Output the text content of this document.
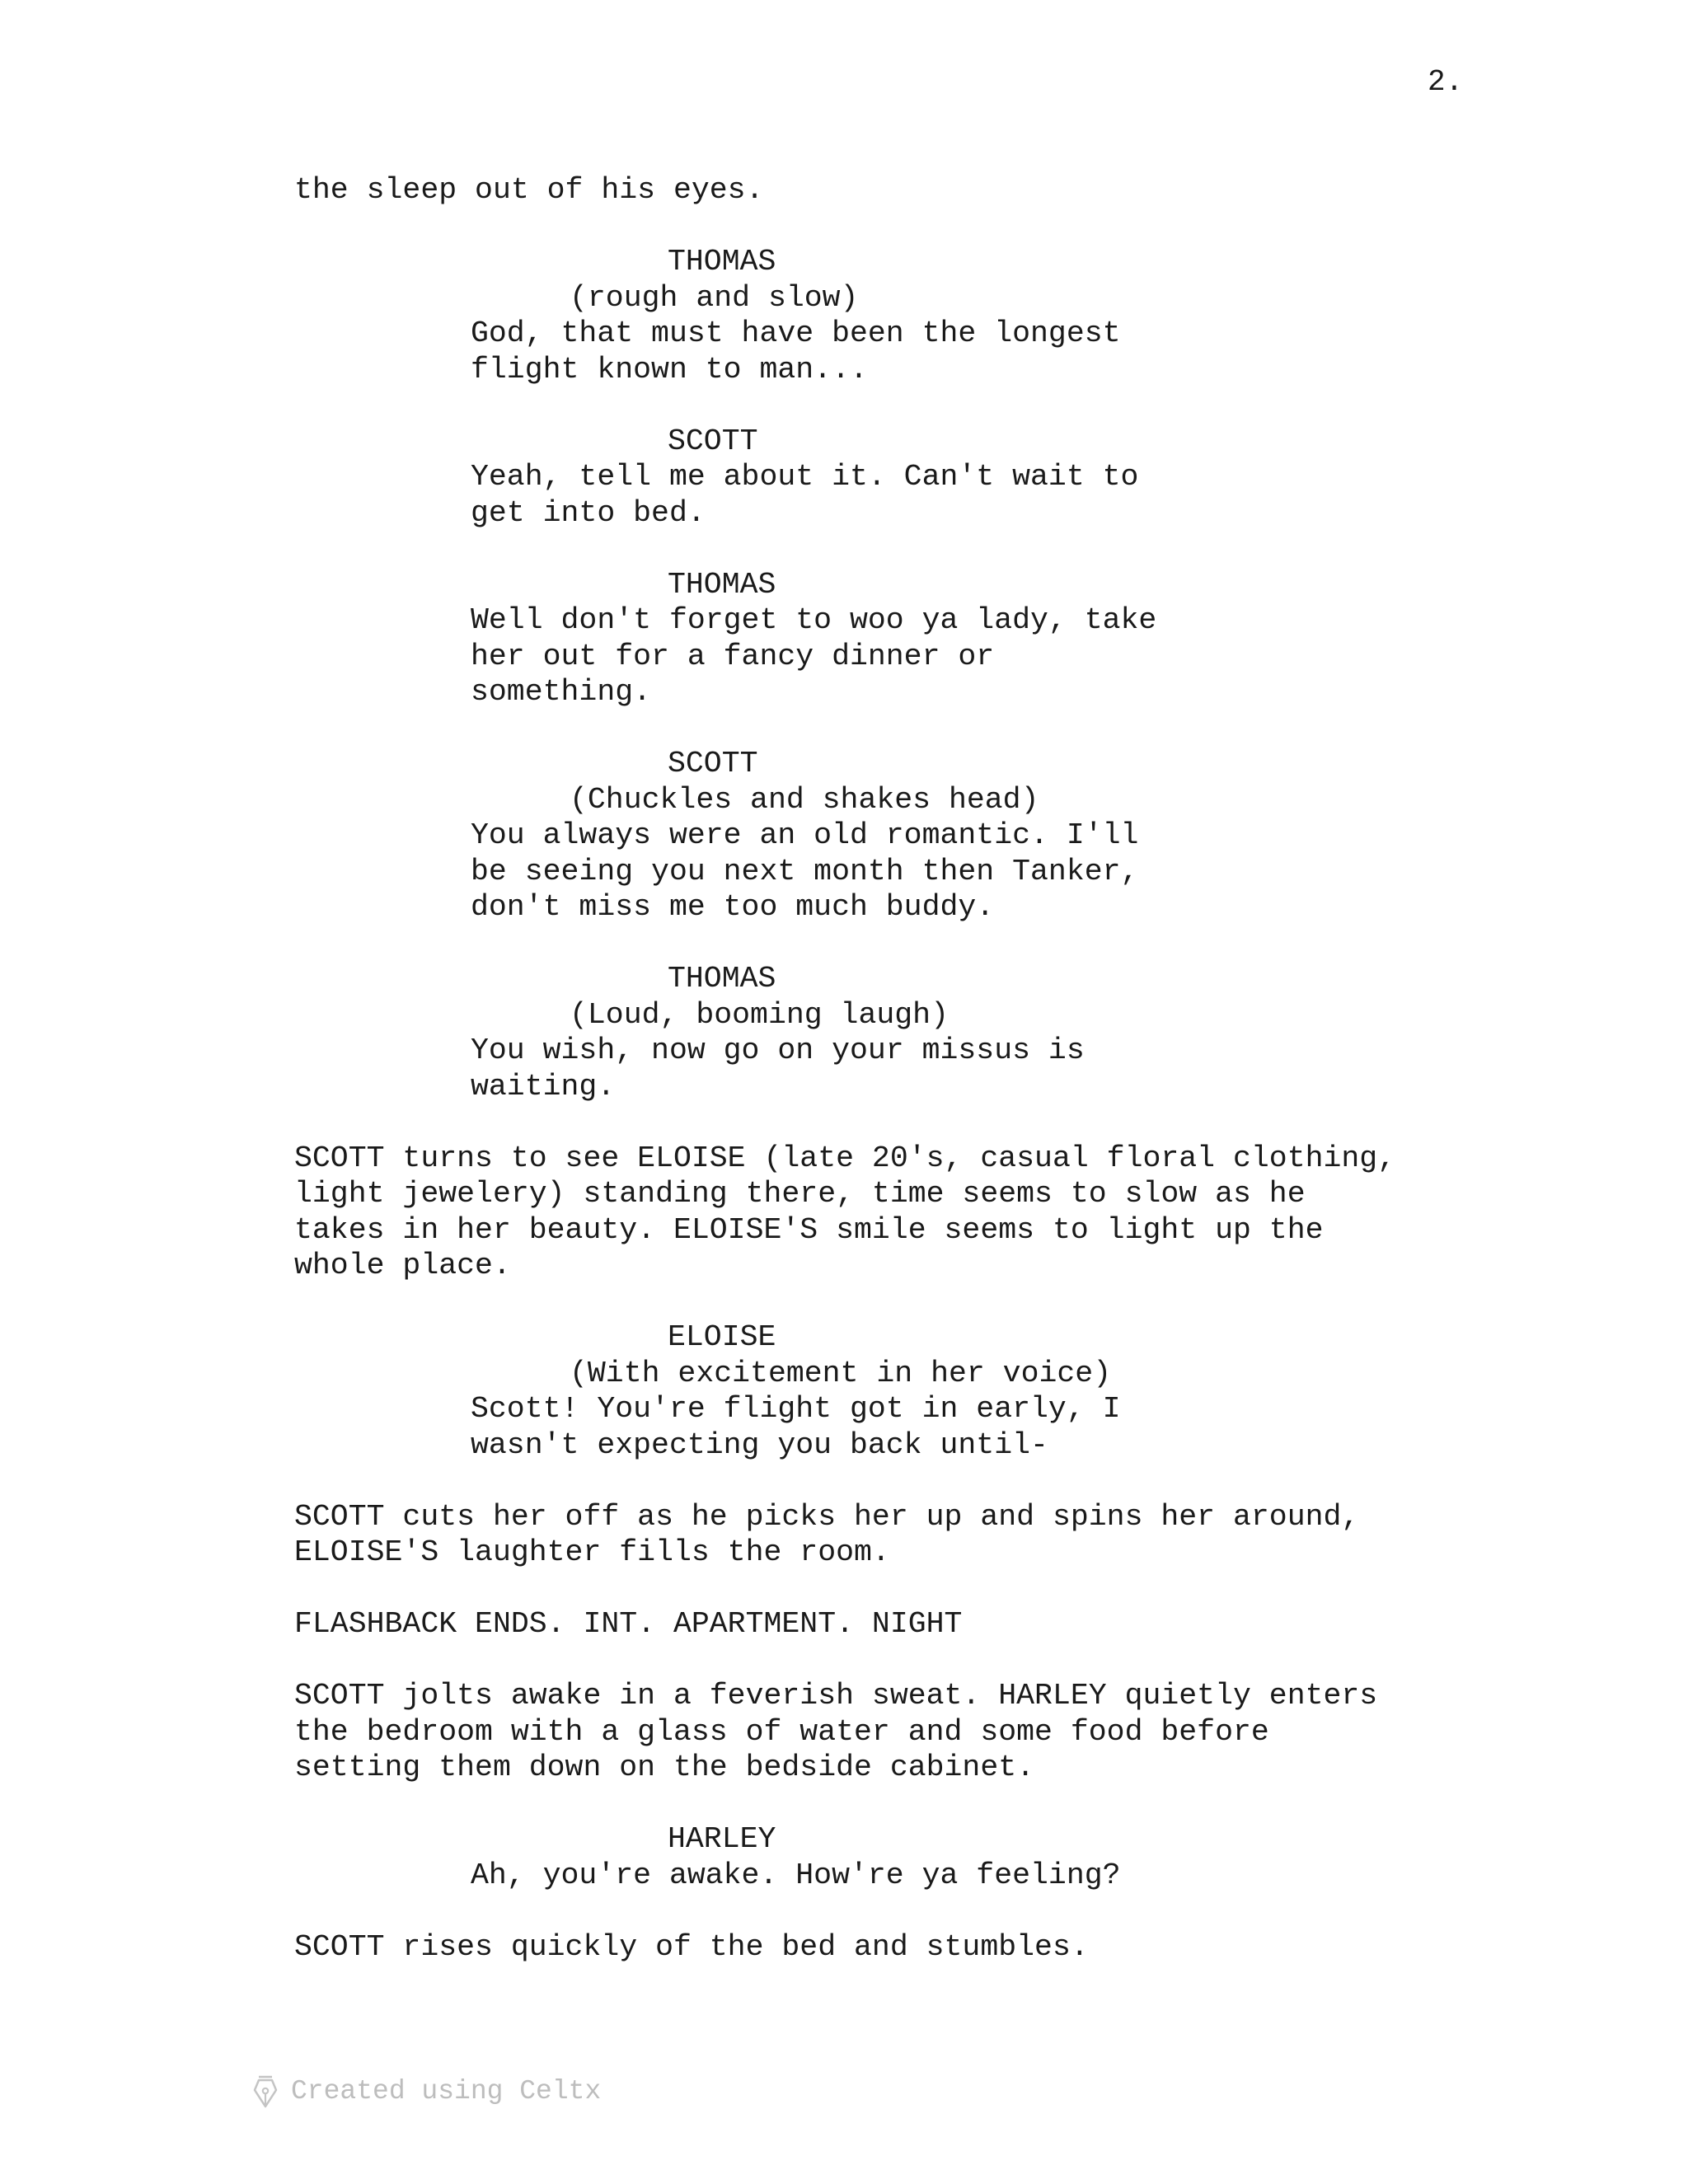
2.
the sleep out of his eyes.
THOMAS
(rough and slow)
God, that must have been the longest
flight known to man...
SCOTT
Yeah, tell me about it. Can't wait to
get into bed.
THOMAS
Well don't forget to woo ya lady, take
her out for a fancy dinner or
something.
SCOTT
(Chuckles and shakes head)
You always were an old romantic. I'll
be seeing you next month then Tanker,
don't miss me too much buddy.
THOMAS
(Loud, booming laugh)
You wish, now go on your missus is
waiting.
SCOTT turns to see ELOISE (late 20's, casual floral clothing,
light jewelery) standing there, time seems to slow as he
takes in her beauty. ELOISE'S smile seems to light up the
whole place.
ELOISE
(With excitement in her voice)
Scott! You're flight got in early, I
wasn't expecting you back until-
SCOTT cuts her off as he picks her up and spins her around,
ELOISE'S laughter fills the room.
FLASHBACK ENDS. INT. APARTMENT. NIGHT
SCOTT jolts awake in a feverish sweat. HARLEY quietly enters
the bedroom with a glass of water and some food before
setting them down on the bedside cabinet.
HARLEY
Ah, you're awake. How're ya feeling?
SCOTT rises quickly of the bed and stumbles.
Created using Celtx
